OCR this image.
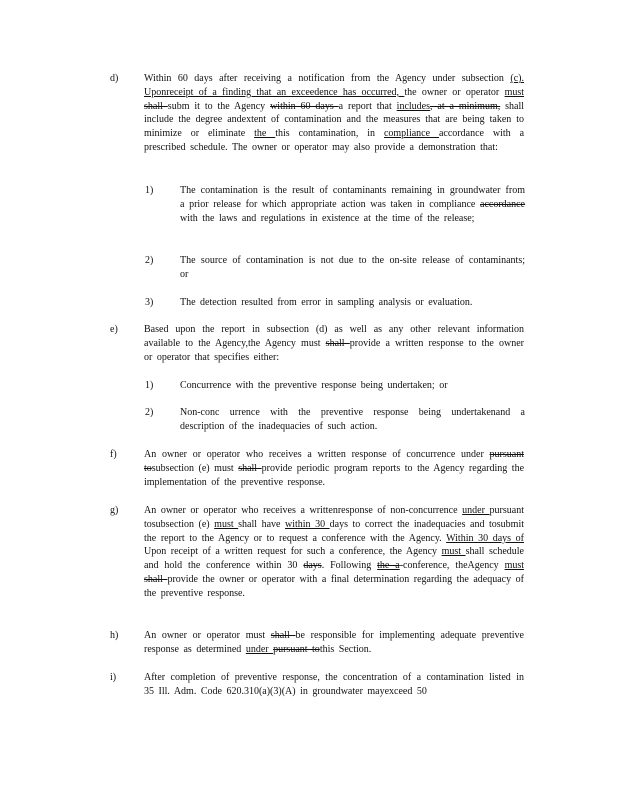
d)	Within 60 days after receiving a notification from the Agency under subsection (c). Uponreceipt of a finding that an exceedence has occurred, the owner or operator must shall subm it to the Agency within 60 days a report that includes, at a minimum, shall include the degree andextent of contamination and the measures that are being taken to minimize or eliminate the this contamination, in compliance accordance with a prescribed schedule. The owner or operator may also provide a demonstration that:
1)	The contamination is the result of contaminants remaining in groundwater from a prior release for which appropriate action was taken in compliance accordance with the laws and regulations in existence at the time of the release;
2)	The source of contamination is not due to the on-site release of contaminants; or
3)	The detection resulted from error in sampling analysis or evaluation.
e)	Based upon the report in subsection (d) as well as any other relevant information available to the Agency,the Agency must shall provide a written response to the owner or operator that specifies either:
1)	Concurrence with the preventive response being undertaken; or
2)	Non-conc urrence with the preventive response being undertakenand a description of the inadequacies of such action.
f)	An owner or operator who receives a written response of concurrence under pursuant tosubsection (e) must shall provide periodic program reports to the Agency regarding the implementation of the preventive response.
g)	An owner or operator who receives a writtenresponse of non-concurrence under pursuant tosubsection (e) must shall have within 30 days to correct the inadequacies and tosubmit the report to the Agency or to request a conference with the Agency. Within 30 days of Upon receipt of a written request for such a conference, the Agency must shall schedule and hold the conference within 30 days. Following the a-conference, theAgency must shall provide the owner or operator with a final determination regarding the adequacy of the preventive response.
h)	An owner or operator must shall be responsible for implementing adequate preventive response as determined under pursuant tothis Section.
i)	After completion of preventive response, the concentration of a contamination listed in 35 Ill. Adm. Code 620.310(a)(3)(A) in groundwater mayexceed 50
